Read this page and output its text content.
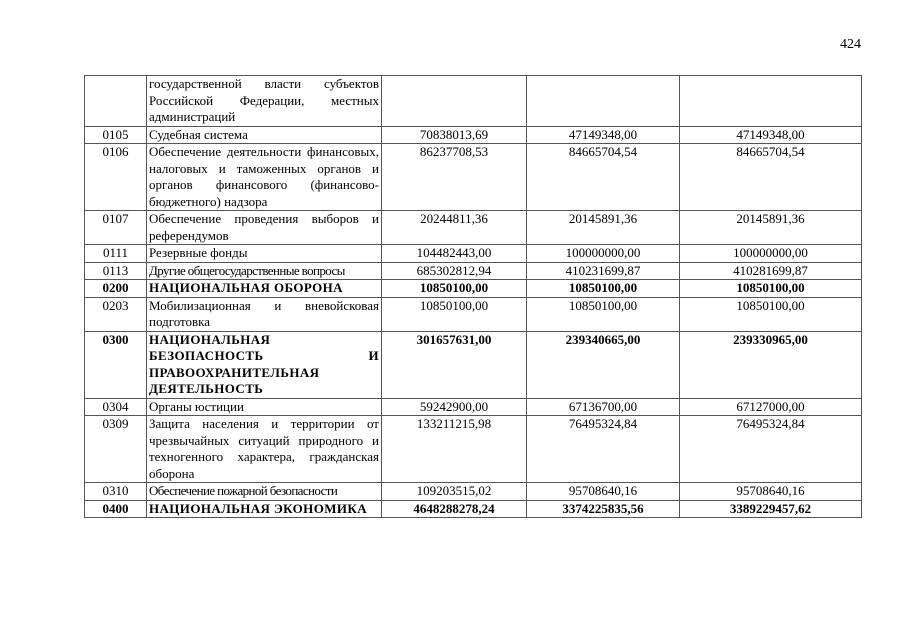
424
	государственной власти субъектов Российской Федерации, местных администраций			
0105	Судебная система	70838013,69	47149348,00	47149348,00
0106	Обеспечение деятельности финансовых, налоговых и таможенных органов и органов финансового (финансово-бюджетного) надзора	86237708,53	84665704,54	84665704,54
0107	Обеспечение проведения выборов и референдумов	20244811,36	20145891,36	20145891,36
0111	Резервные фонды	104482443,00	100000000,00	100000000,00
0113	Другие общегосударственные вопросы	685302812,94	410231699,87	410281699,87
0200	НАЦИОНАЛЬНАЯ ОБОРОНА	10850100,00	10850100,00	10850100,00
0203	Мобилизационная и вневойсковая подготовка	10850100,00	10850100,00	10850100,00
0300	НАЦИОНАЛЬНАЯ БЕЗОПАСНОСТЬ И ПРАВООХРАНИТЕЛЬНАЯ ДЕЯТЕЛЬНОСТЬ	301657631,00	239340665,00	239330965,00
0304	Органы юстиции	59242900,00	67136700,00	67127000,00
0309	Защита населения и территории от чрезвычайных ситуаций природного и техногенного характера, гражданская оборона	133211215,98	76495324,84	76495324,84
0310	Обеспечение пожарной безопасности	109203515,02	95708640,16	95708640,16
0400	НАЦИОНАЛЬНАЯ ЭКОНОМИКА	4648288278,24	3374225835,56	3389229457,62
